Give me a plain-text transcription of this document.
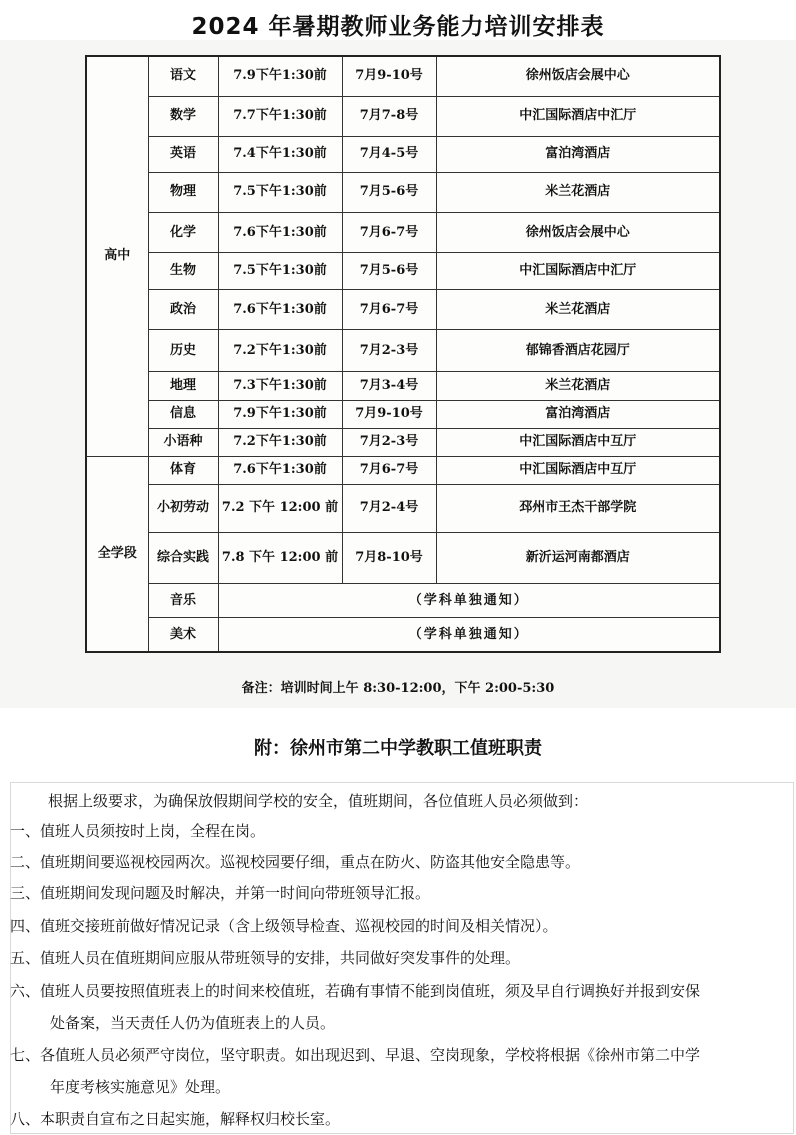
2024 年暑期教师业务能力培训安排表
高中	语文	7.9下午1:30前	7月9-10号	徐州饭店会展中心
	数学	7.7下午1:30前	7月7-8号	中汇国际酒店中汇厅
	英语	7.4下午1:30前	7月4-5号	富泊湾酒店
	物理	7.5下午1:30前	7月5-6号	米兰花酒店
	化学	7.6下午1:30前	7月6-7号	徐州饭店会展中心
	生物	7.5下午1:30前	7月5-6号	中汇国际酒店中汇厅
	政治	7.6下午1:30前	7月6-7号	米兰花酒店
	历史	7.2下午1:30前	7月2-3号	郁锦香酒店花园厅
	地理	7.3下午1:30前	7月3-4号	米兰花酒店
	信息	7.9下午1:30前	7月9-10号	富泊湾酒店
	小语种	7.2下午1:30前	7月2-3号	中汇国际酒店中互厅
全学段	体育	7.6下午1:30前	7月6-7号	中汇国际酒店中互厅
	小初劳动	7.2 下午 12:00 前	7月2-4号	邳州市王杰干部学院
	综合实践	7.8 下午 12:00 前	7月8-10号	新沂运河南都酒店
	音乐	（学科单独通知）		
	美术	（学科单独通知）		
备注：培训时间上午 8:30-12:00，下午 2:00-5:30
附：徐州市第二中学教职工值班职责
根据上级要求，为确保放假期间学校的安全，值班期间，各位值班人员必须做到：
一、值班人员须按时上岗，全程在岗。
二、值班期间要巡视校园两次。巡视校园要仔细，重点在防火、防盗其他安全隐患等。
三、值班期间发现问题及时解决，并第一时间向带班领导汇报。
四、值班交接班前做好情况记录（含上级领导检查、巡视校园的时间及相关情况）。
五、值班人员在值班期间应服从带班领导的安排，共同做好突发事件的处理。
六、值班人员要按照值班表上的时间来校值班，若确有事情不能到岗值班，须及早自行调换好并报到安保
处备案，当天责任人仍为值班表上的人员。
七、各值班人员必须严守岗位，坚守职责。如出现迟到、早退、空岗现象，学校将根据《徐州市第二中学
年度考核实施意见》处理。
八、本职责自宣布之日起实施，解释权归校长室。
